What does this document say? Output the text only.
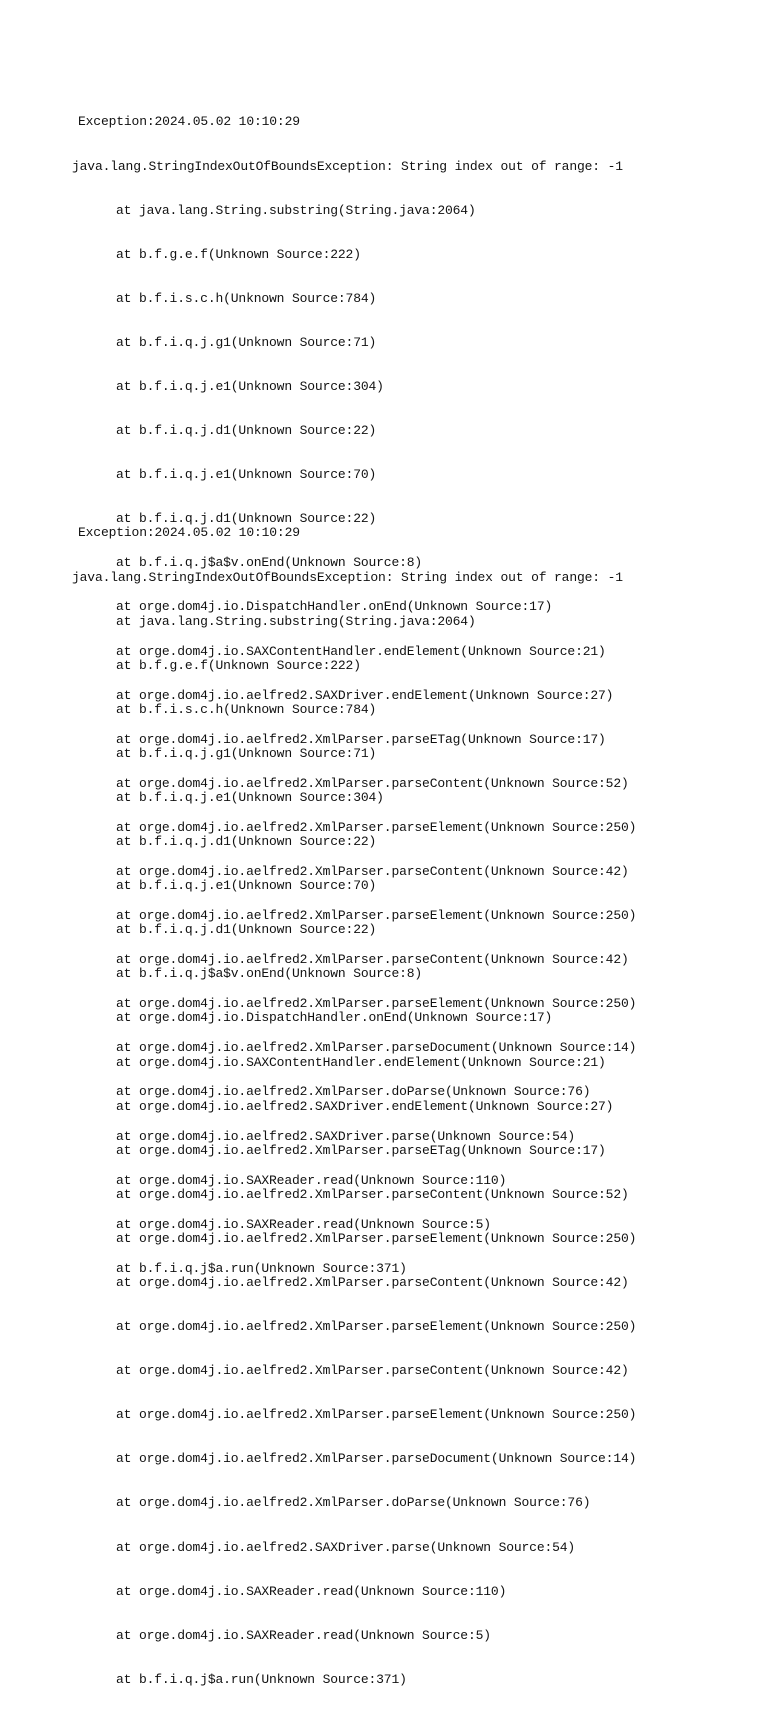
Exception:2024.05.02 10:10:29

java.lang.StringIndexOutOfBoundsException: String index out of range: -1

at java.lang.String.substring(String.java:2064)

at b.f.g.e.f(Unknown Source:222)

at b.f.i.s.c.h(Unknown Source:784)

at b.f.i.q.j.g1(Unknown Source:71)

at b.f.i.q.j.e1(Unknown Source:304)

at b.f.i.q.j.d1(Unknown Source:22)

at b.f.i.q.j.e1(Unknown Source:70)

at b.f.i.q.j.d1(Unknown Source:22)

at b.f.i.q.j$a$v.onEnd(Unknown Source:8)

at orge.dom4j.io.DispatchHandler.onEnd(Unknown Source:17)

at orge.dom4j.io.SAXContentHandler.endElement(Unknown Source:21)

at orge.dom4j.io.aelfred2.SAXDriver.endElement(Unknown Source:27)

at orge.dom4j.io.aelfred2.XmlParser.parseETag(Unknown Source:17)

at orge.dom4j.io.aelfred2.XmlParser.parseContent(Unknown Source:52)

at orge.dom4j.io.aelfred2.XmlParser.parseElement(Unknown Source:250)

at orge.dom4j.io.aelfred2.XmlParser.parseContent(Unknown Source:42)

at orge.dom4j.io.aelfred2.XmlParser.parseElement(Unknown Source:250)

at orge.dom4j.io.aelfred2.XmlParser.parseContent(Unknown Source:42)

at orge.dom4j.io.aelfred2.XmlParser.parseElement(Unknown Source:250)

at orge.dom4j.io.aelfred2.XmlParser.parseDocument(Unknown Source:14)

at orge.dom4j.io.aelfred2.XmlParser.doParse(Unknown Source:76)

at orge.dom4j.io.aelfred2.SAXDriver.parse(Unknown Source:54)

at orge.dom4j.io.SAXReader.read(Unknown Source:110)

at orge.dom4j.io.SAXReader.read(Unknown Source:5)

at b.f.i.q.j$a.run(Unknown Source:371)

Exception:2024.05.02 10:10:29

java.lang.StringIndexOutOfBoundsException: String index out of range: -1

at java.lang.String.substring(String.java:2064)

at b.f.g.e.f(Unknown Source:222)

at b.f.i.s.c.h(Unknown Source:784)

at b.f.i.q.j.g1(Unknown Source:71)

at b.f.i.q.j.e1(Unknown Source:304)

at b.f.i.q.j.d1(Unknown Source:22)

at b.f.i.q.j.e1(Unknown Source:70)

at b.f.i.q.j.d1(Unknown Source:22)

at b.f.i.q.j$a$v.onEnd(Unknown Source:8)

at orge.dom4j.io.DispatchHandler.onEnd(Unknown Source:17)

at orge.dom4j.io.SAXContentHandler.endElement(Unknown Source:21)

at orge.dom4j.io.aelfred2.SAXDriver.endElement(Unknown Source:27)

at orge.dom4j.io.aelfred2.XmlParser.parseETag(Unknown Source:17)

at orge.dom4j.io.aelfred2.XmlParser.parseContent(Unknown Source:52)

at orge.dom4j.io.aelfred2.XmlParser.parseElement(Unknown Source:250)

at orge.dom4j.io.aelfred2.XmlParser.parseContent(Unknown Source:42)

at orge.dom4j.io.aelfred2.XmlParser.parseElement(Unknown Source:250)

at orge.dom4j.io.aelfred2.XmlParser.parseContent(Unknown Source:42)

at orge.dom4j.io.aelfred2.XmlParser.parseElement(Unknown Source:250)

at orge.dom4j.io.aelfred2.XmlParser.parseDocument(Unknown Source:14)

at orge.dom4j.io.aelfred2.XmlParser.doParse(Unknown Source:76)

at orge.dom4j.io.aelfred2.SAXDriver.parse(Unknown Source:54)

at orge.dom4j.io.SAXReader.read(Unknown Source:110)

at orge.dom4j.io.SAXReader.read(Unknown Source:5)

at b.f.i.q.j$a.run(Unknown Source:371)
